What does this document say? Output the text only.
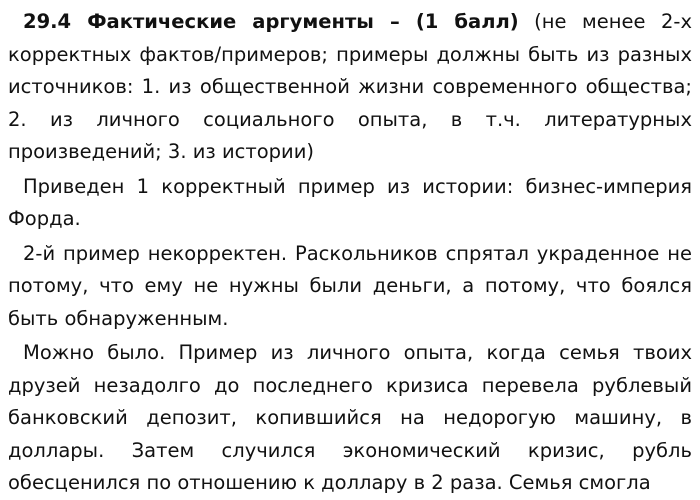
29.4 Фактические аргументы – (1 балл) (не менее 2-х корректных фактов/примеров; примеры должны быть из разных источников: 1. из общественной жизни современного общества; 2. из личного социального опыта, в т.ч. литературных произведений; 3. из истории)

Приведен 1 корректный пример из истории: бизнес-империя Форда.

2-й пример некорректен. Раскольников спрятал украденное не потому, что ему не нужны были деньги, а потому, что боялся быть обнаруженным.

Можно было. Пример из личного опыта, когда семья твоих друзей незадолго до последнего кризиса перевела рублевый банковский депозит, копившийся на недорогую машину, в доллары. Затем случился экономический кризис, рубль обесценился по отношению к доллару в 2 раза. Семья смогла
